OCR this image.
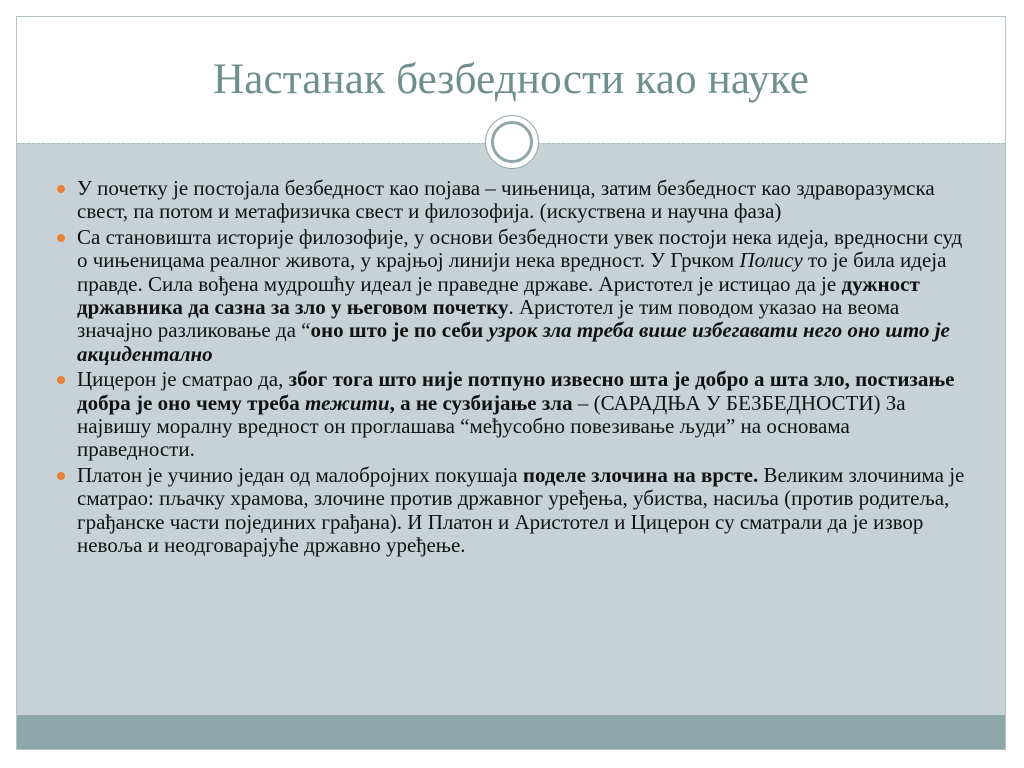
Настанак безбедности као науке
У почетку је постојала безбедност као појава – чињеница, затим безбедност као здраворазумска свест, па потом и метафизичка свест и филозофија. (искуствена и научна фаза)
Са становишта историје филозофије, у основи безбедности увек постоји нека идеја, вредносни суд о чињеницама реалног живота, у крајњој линији нека вредност. У Грчком Полису то је била идеја правде. Сила вођена мудрошћу идеал је праведне државе. Аристотел је истицао да је дужност државника да сазна за зло у његовом почетку. Аристотел је тим поводом указао на веома значајно разликовање да “оно што је по себи узрок зла треба више избегавати него оно што је акцидентално
Цицерон је сматрао да, због тога што није потпуно извесно шта је добро а шта зло, постизање добра је оно чему треба тежити, а не сузбијање зла – (САРАДЊА У БЕЗБЕДНОСТИ) За највишу моралну вредност он проглашава “међусобно повезивање људи” на основама праведности.
Платон је учинио један од малобројних покушаја поделе злочина на врсте. Великим злочинима је сматрао: пљачку храмова, злочине против државног уређења, убиства, насиља (против родитеља, грађанске части појединих грађана). И Платон и Аристотел и Цицерон су сматрали да је извор невоља и неодговарајуће државно уређење.
